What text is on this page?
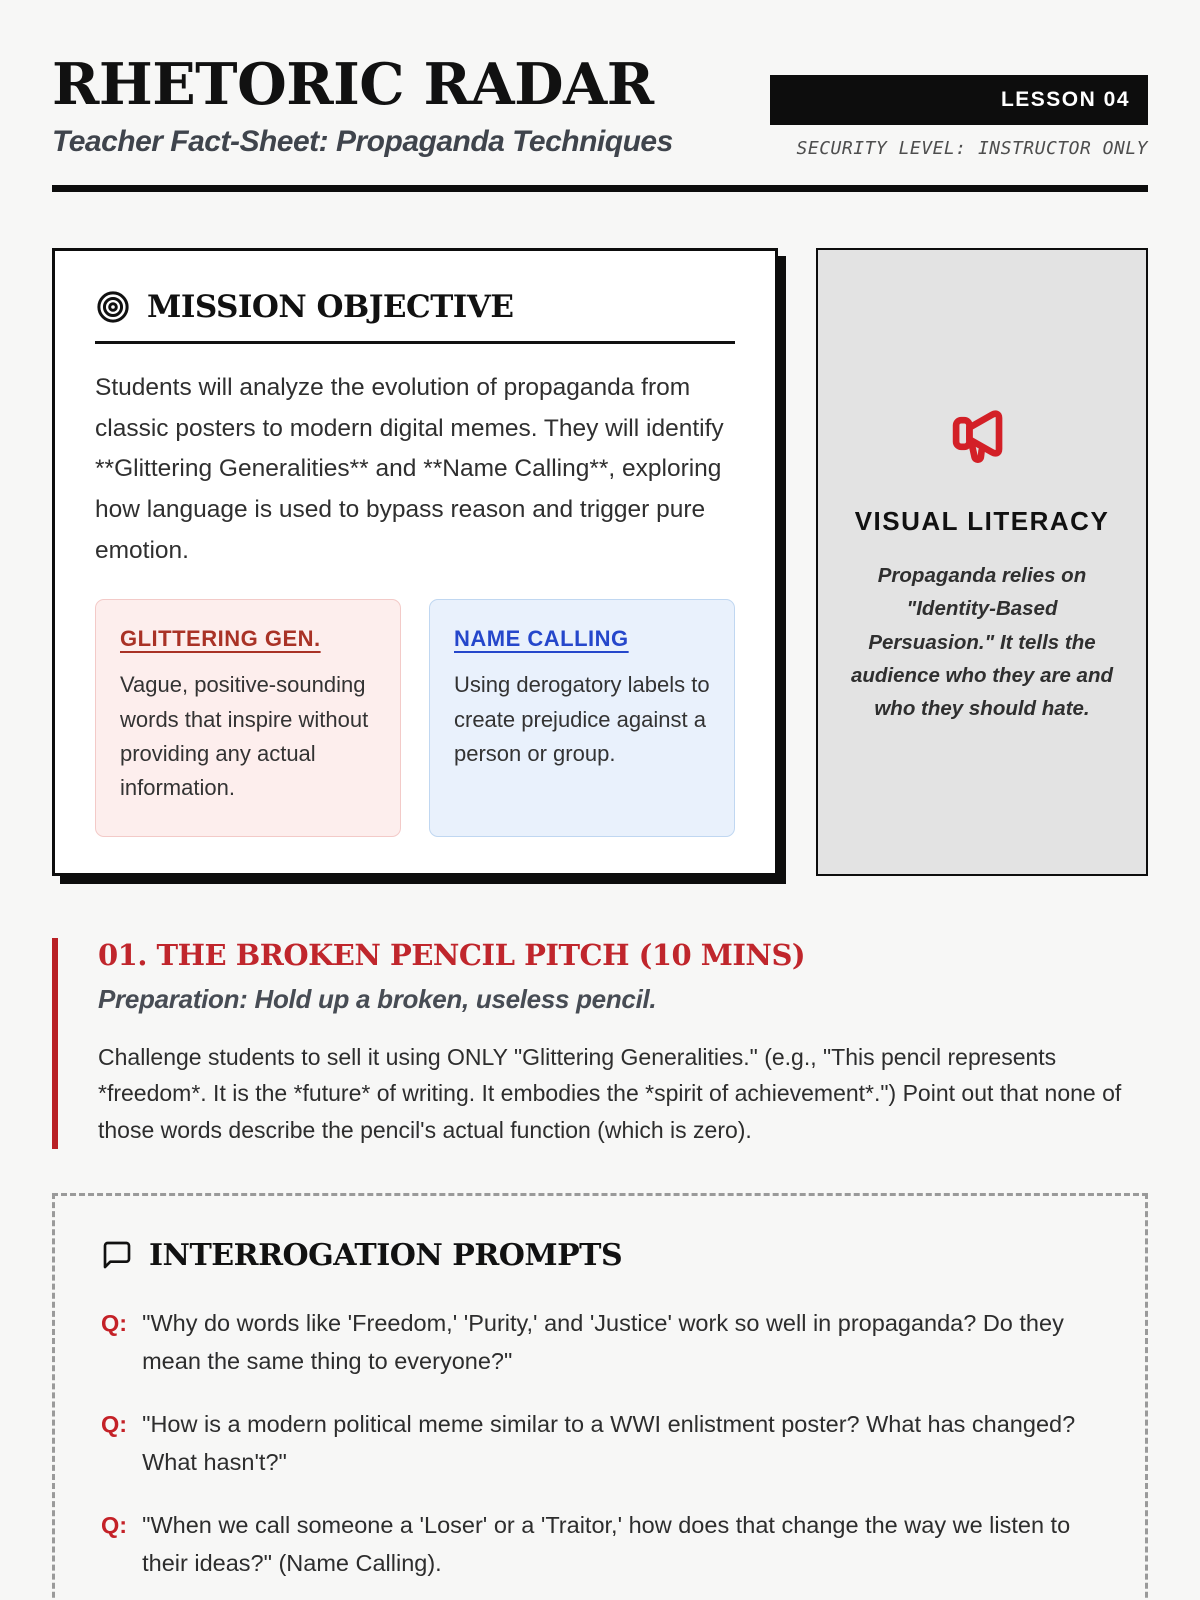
RHETORIC RADAR
Teacher Fact-Sheet: Propaganda Techniques
LESSON 04
SECURITY LEVEL: INSTRUCTOR ONLY
MISSION OBJECTIVE

Students will analyze the evolution of propaganda from classic posters to modern digital memes. They will identify **Glittering Generalities** and **Name Calling**, exploring how language is used to bypass reason and trigger pure emotion.

GLITTERING GEN.
Vague, positive-sounding words that inspire without providing any actual information.
NAME CALLING
Using derogatory labels to create prejudice against a person or group.
VISUAL LITERACY
Propaganda relies on "Identity-Based Persuasion." It tells the audience who they are and who they should hate.
01. THE BROKEN PENCIL PITCH (10 MINS)
Preparation: Hold up a broken, useless pencil.

Challenge students to sell it using ONLY "Glittering Generalities." (e.g., "This pencil represents *freedom*. It is the *future* of writing. It embodies the *spirit of achievement*.") Point out that none of those words describe the pencil's actual function (which is zero).

INTERROGATION PROMPTS
Q: "Why do words like 'Freedom,' 'Purity,' and 'Justice' work so well in propaganda? Do they mean the same thing to everyone?"
Q: "How is a modern political meme similar to a WWI enlistment poster? What has changed? What hasn't?"
Q: "When we call someone a 'Loser' or a 'Traitor,' how does that change the way we listen to their ideas?" (Name Calling).
